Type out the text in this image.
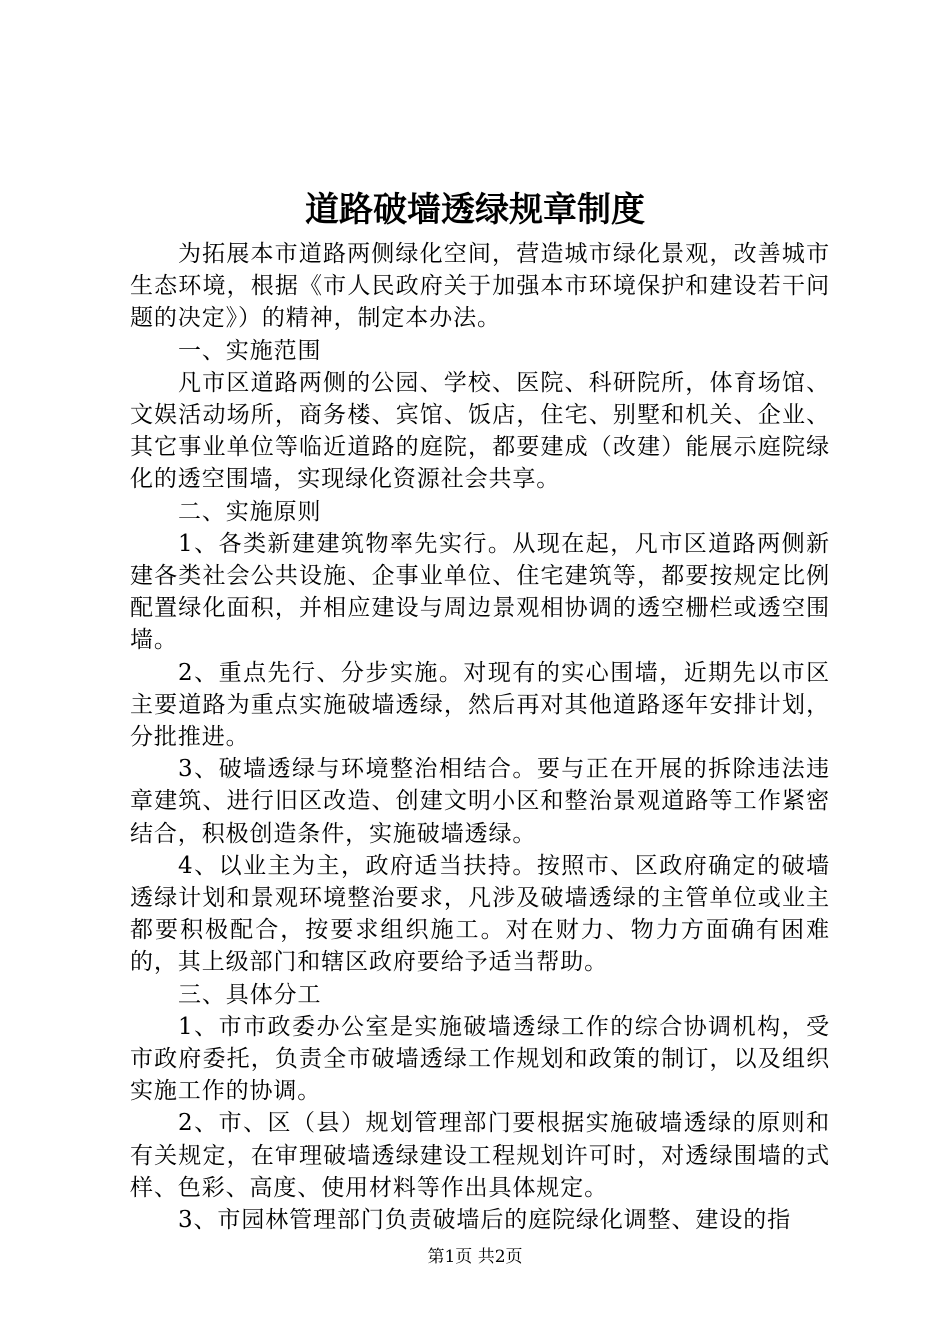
道路破墙透绿规章制度

为拓展本市道路两侧绿化空间，营造城市绿化景观，改善城市生态环境，根据《市人民政府关于加强本市环境保护和建设若干问题的决定》）的精神，制定本办法。

一、实施范围

凡市区道路两侧的公园、学校、医院、科研院所，体育场馆、文娱活动场所，商务楼、宾馆、饭店，住宅、别墅和机关、企业、其它事业单位等临近道路的庭院，都要建成（改建）能展示庭院绿化的透空围墙，实现绿化资源社会共享。

二、实施原则

1、各类新建建筑物率先实行。从现在起，凡市区道路两侧新建各类社会公共设施、企事业单位、住宅建筑等，都要按规定比例配置绿化面积，并相应建设与周边景观相协调的透空栅栏或透空围墙。

2、重点先行、分步实施。对现有的实心围墙，近期先以市区主要道路为重点实施破墙透绿，然后再对其他道路逐年安排计划，分批推进。

3、破墙透绿与环境整治相结合。要与正在开展的拆除违法违章建筑、进行旧区改造、创建文明小区和整治景观道路等工作紧密结合，积极创造条件，实施破墙透绿。

4、以业主为主，政府适当扶持。按照市、区政府确定的破墙透绿计划和景观环境整治要求，凡涉及破墙透绿的主管单位或业主都要积极配合，按要求组织施工。对在财力、物力方面确有困难的，其上级部门和辖区政府要给予适当帮助。

三、具体分工

1、市市政委办公室是实施破墙透绿工作的综合协调机构，受市政府委托，负责全市破墙透绿工作规划和政策的制订，以及组织实施工作的协调。

2、市、区（县）规划管理部门要根据实施破墙透绿的原则和有关规定，在审理破墙透绿建设工程规划许可时，对透绿围墙的式样、色彩、高度、使用材料等作出具体规定。

3、市园林管理部门负责破墙后的庭院绿化调整、建设的指

第1页 共2页
